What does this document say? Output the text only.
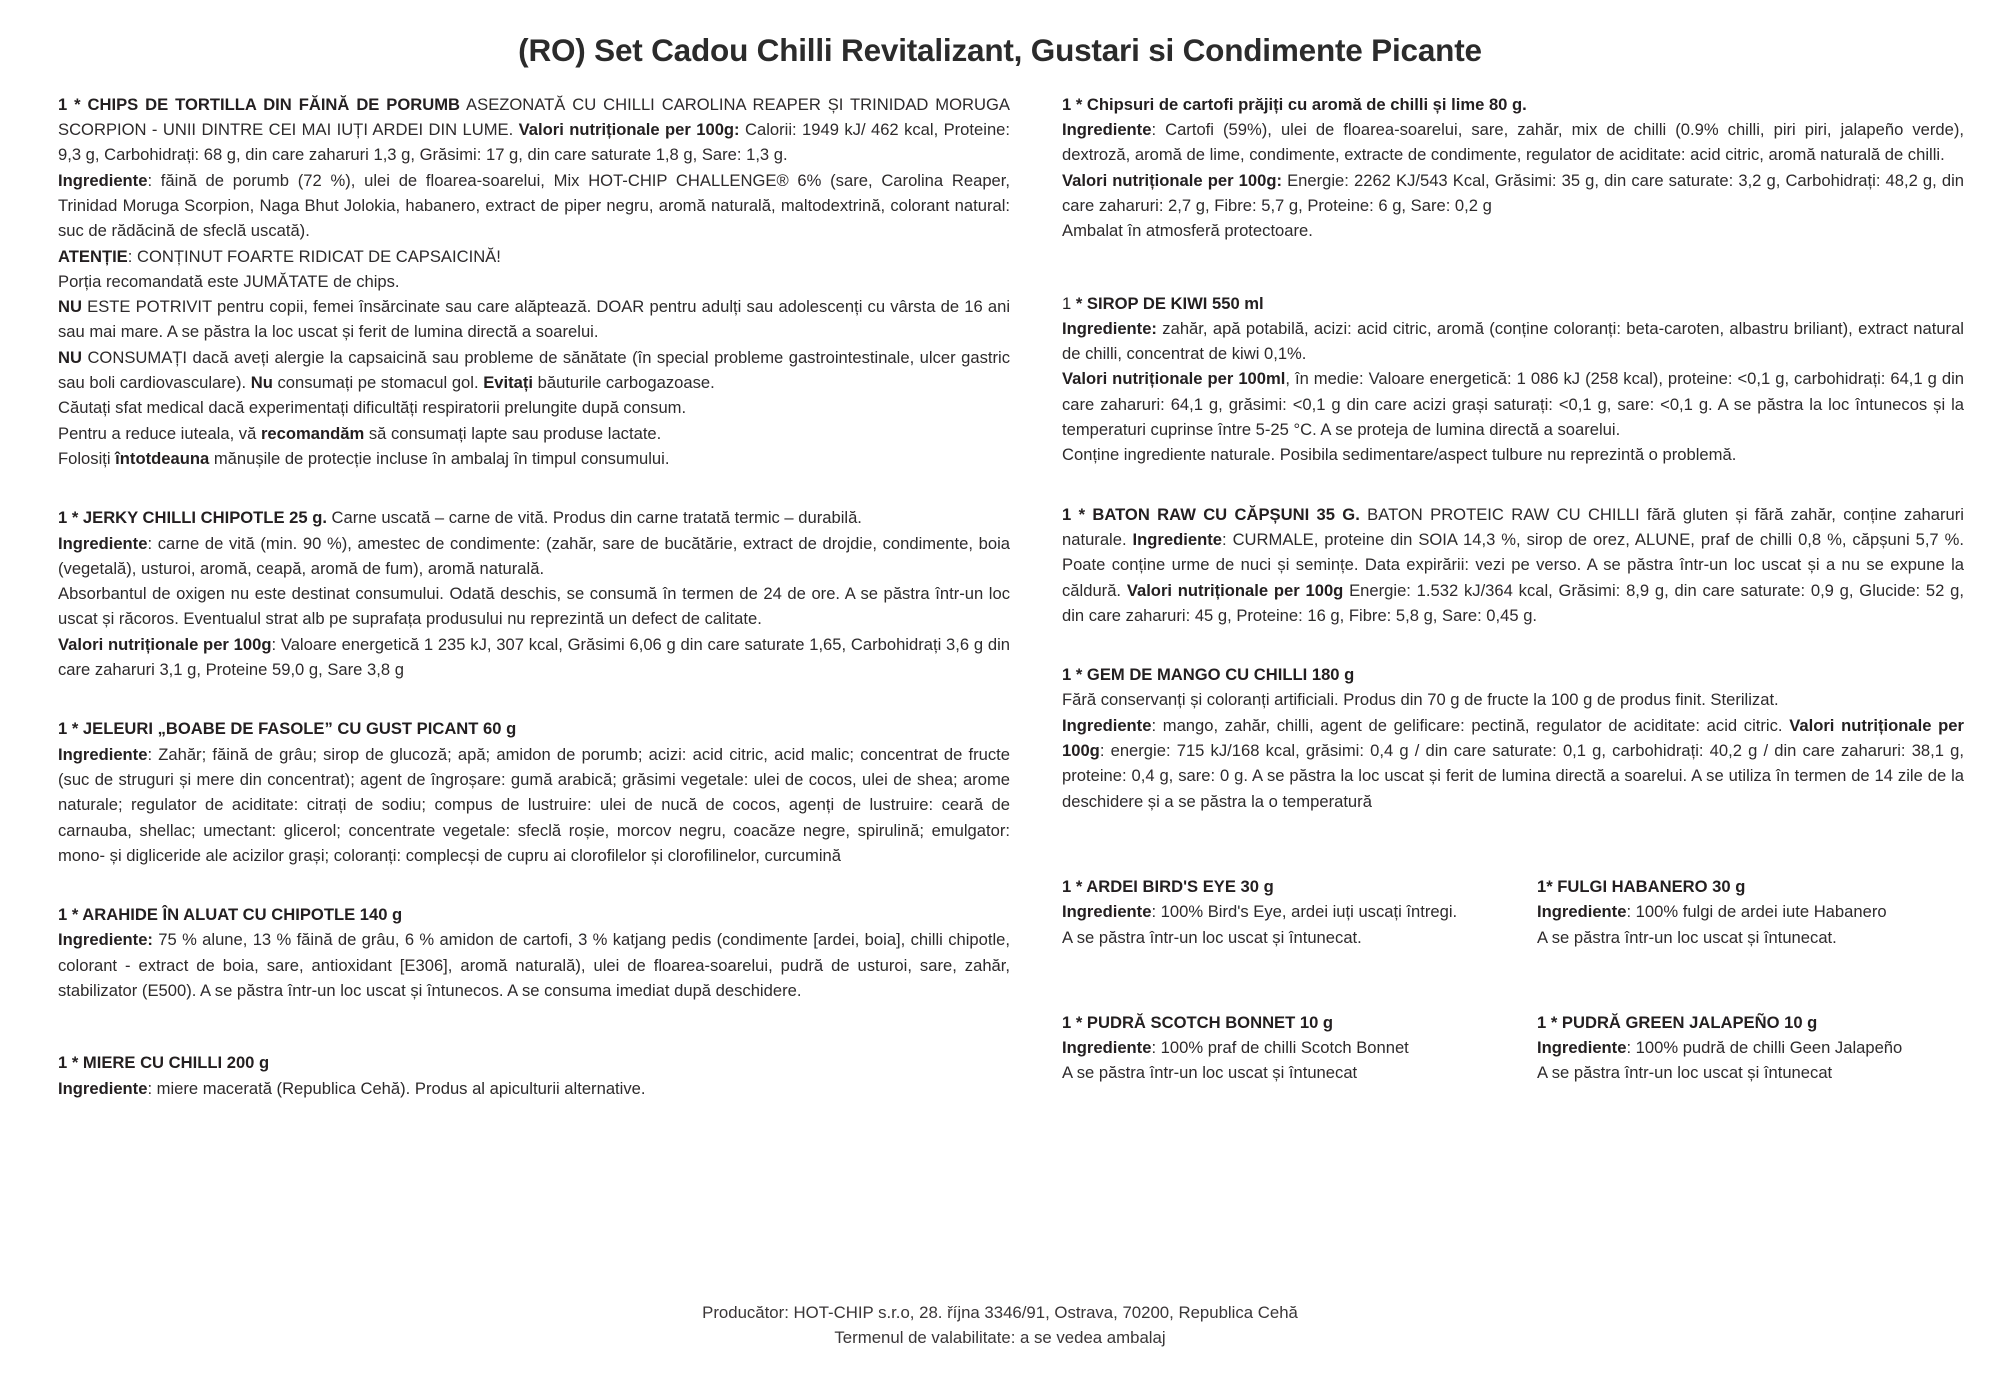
(RO) Set Cadou Chilli Revitalizant, Gustari si Condimente Picante

1 * CHIPS DE TORTILLA DIN FĂINĂ DE PORUMB ASEZONATĂ CU CHILLI CAROLINA REAPER ȘI TRINIDAD MORUGA SCORPION - UNII DINTRE CEI MAI IUȚI ARDEI DIN LUME. Valori nutriționale per 100g: Calorii: 1949 kJ/ 462 kcal, Proteine: 9,3 g, Carbohidrați: 68 g, din care zaharuri 1,3 g, Grăsimi: 17 g, din care saturate 1,8 g, Sare: 1,3 g.

Ingrediente: făină de porumb (72 %), ulei de floarea-soarelui, Mix HOT-CHIP CHALLENGE® 6% (sare, Carolina Reaper, Trinidad Moruga Scorpion, Naga Bhut Jolokia, habanero, extract de piper negru, aromă naturală, maltodextrină, colorant natural: suc de rădăcină de sfeclă uscată).

ATENȚIE: CONȚINUT FOARTE RIDICAT DE CAPSAICINĂ!

Porția recomandată este JUMĂTATE de chips.

NU ESTE POTRIVIT pentru copii, femei însărcinate sau care alăptează. DOAR pentru adulți sau adolescenți cu vârsta de 16 ani sau mai mare. A se păstra la loc uscat și ferit de lumina directă a soarelui.

NU CONSUMAȚI dacă aveți alergie la capsaicină sau probleme de sănătate (în special probleme gastrointestinale, ulcer gastric sau boli cardiovasculare). Nu consumați pe stomacul gol. Evitați băuturile carbogazoase.

Căutați sfat medical dacă experimentați dificultăți respiratorii prelungite după consum.

Pentru a reduce iuteala, vă recomandăm să consumați lapte sau produse lactate.

Folosiți întotdeauna mănușile de protecție incluse în ambalaj în timpul consumului.

1 * JERKY CHILLI CHIPOTLE 25 g. Carne uscată – carne de vită. Produs din carne tratată termic – durabilă.

Ingrediente: carne de vită (min. 90 %), amestec de condimente: (zahăr, sare de bucătărie, extract de drojdie, condimente, boia (vegetală), usturoi, aromă, ceapă, aromă de fum), aromă naturală.

Absorbantul de oxigen nu este destinat consumului. Odată deschis, se consumă în termen de 24 de ore. A se păstra într-un loc uscat și răcoros. Eventualul strat alb pe suprafața produsului nu reprezintă un defect de calitate.

Valori nutriționale per 100g: Valoare energetică 1 235 kJ, 307 kcal, Grăsimi 6,06 g din care saturate 1,65, Carbohidrați 3,6 g din care zaharuri 3,1 g, Proteine 59,0 g, Sare 3,8 g

1 * JELEURI „BOABE DE FASOLE” CU GUST PICANT 60 g

Ingrediente: Zahăr; făină de grâu; sirop de glucoză; apă; amidon de porumb; acizi: acid citric, acid malic; concentrat de fructe (suc de struguri și mere din concentrat); agent de îngroșare: gumă arabică; grăsimi vegetale: ulei de cocos, ulei de shea; arome naturale; regulator de aciditate: citrați de sodiu; compus de lustruire: ulei de nucă de cocos, agenți de lustruire: ceară de carnauba, shellac; umectant: glicerol; concentrate vegetale: sfeclă roșie, morcov negru, coacăze negre, spirulină; emulgator: mono- și digliceride ale acizilor grași; coloranți: complecși de cupru ai clorofilelor și clorofilinelor, curcumină

1 * ARAHIDE ÎN ALUAT CU CHIPOTLE 140 g

Ingrediente: 75 % alune, 13 % făină de grâu, 6 % amidon de cartofi, 3 % katjang pedis (condimente [ardei, boia], chilli chipotle, colorant - extract de boia, sare, antioxidant [E306], aromă naturală), ulei de floarea-soarelui, pudră de usturoi, sare, zahăr, stabilizator (E500). A se păstra într-un loc uscat și întunecos. A se consuma imediat după deschidere.

1 * MIERE CU CHILLI 200 g

Ingrediente: miere macerată (Republica Cehă). Produs al apiculturii alternative.

1 * Chipsuri de cartofi prăjiți cu aromă de chilli și lime 80 g.

Ingrediente: Cartofi (59%), ulei de floarea-soarelui, sare, zahăr, mix de chilli (0.9% chilli, piri piri, jalapeño verde), dextroză, aromă de lime, condimente, extracte de condimente, regulator de aciditate: acid citric, aromă naturală de chilli.

Valori nutriționale per 100g: Energie: 2262 KJ/543 Kcal, Grăsimi: 35 g, din care saturate: 3,2 g, Carbohidrați: 48,2 g, din care zaharuri: 2,7 g, Fibre: 5,7 g, Proteine: 6 g, Sare: 0,2 g

Ambalat în atmosferă protectoare.

1 * SIROP DE KIWI 550 ml

Ingrediente: zahăr, apă potabilă, acizi: acid citric, aromă (conține coloranți: beta-caroten, albastru briliant), extract natural de chilli, concentrat de kiwi 0,1%.

Valori nutriționale per 100ml, în medie: Valoare energetică: 1 086 kJ (258 kcal), proteine: <0,1 g, carbohidrați: 64,1 g din care zaharuri: 64,1 g, grăsimi: <0,1 g din care acizi grași saturați: <0,1 g, sare: <0,1 g. A se păstra la loc întunecos și la temperaturi cuprinse între 5-25 °C. A se proteja de lumina directă a soarelui.

Conține ingrediente naturale. Posibila sedimentare/aspect tulbure nu reprezintă o problemă.

1 * BATON RAW CU CĂPȘUNI 35 G. BATON PROTEIC RAW CU CHILLI fără gluten și fără zahăr, conține zaharuri naturale. Ingrediente: CURMALE, proteine din SOIA 14,3 %, sirop de orez, ALUNE, praf de chilli 0,8 %, căpșuni 5,7 %. Poate conține urme de nuci și semințe. Data expirării: vezi pe verso. A se păstra într-un loc uscat și a nu se expune la căldură. Valori nutriționale per 100g Energie: 1.532 kJ/364 kcal, Grăsimi: 8,9 g, din care saturate: 0,9 g, Glucide: 52 g, din care zaharuri: 45 g, Proteine: 16 g, Fibre: 5,8 g, Sare: 0,45 g.

1 * GEM DE MANGO CU CHILLI 180 g

Fără conservanți și coloranți artificiali. Produs din 70 g de fructe la 100 g de produs finit. Sterilizat.

Ingrediente: mango, zahăr, chilli, agent de gelificare: pectină, regulator de aciditate: acid citric. Valori nutriționale per 100g: energie: 715 kJ/168 kcal, grăsimi: 0,4 g / din care saturate: 0,1 g, carbohidrați: 40,2 g / din care zaharuri: 38,1 g, proteine: 0,4 g, sare: 0 g. A se păstra la loc uscat și ferit de lumina directă a soarelui. A se utiliza în termen de 14 zile de la deschidere și a se păstra la o temperatură

1 * ARDEI BIRD'S EYE 30 g

Ingrediente: 100% Bird's Eye, ardei iuți uscați întregi.

A se păstra într-un loc uscat și întunecat.

1* FULGI HABANERO 30 g

Ingrediente: 100% fulgi de ardei iute Habanero

A se păstra într-un loc uscat și întunecat.

1 * PUDRĂ SCOTCH BONNET 10 g

Ingrediente: 100% praf de chilli Scotch Bonnet

A se păstra într-un loc uscat și întunecat

1 * PUDRĂ GREEN JALAPEÑO 10 g

Ingrediente: 100% pudră de chilli Geen Jalapeño

A se păstra într-un loc uscat și întunecat

Producător: HOT-CHIP s.r.o, 28. října 3346/91, Ostrava, 70200, Republica Cehă

Termenul de valabilitate: a se vedea ambalaj
